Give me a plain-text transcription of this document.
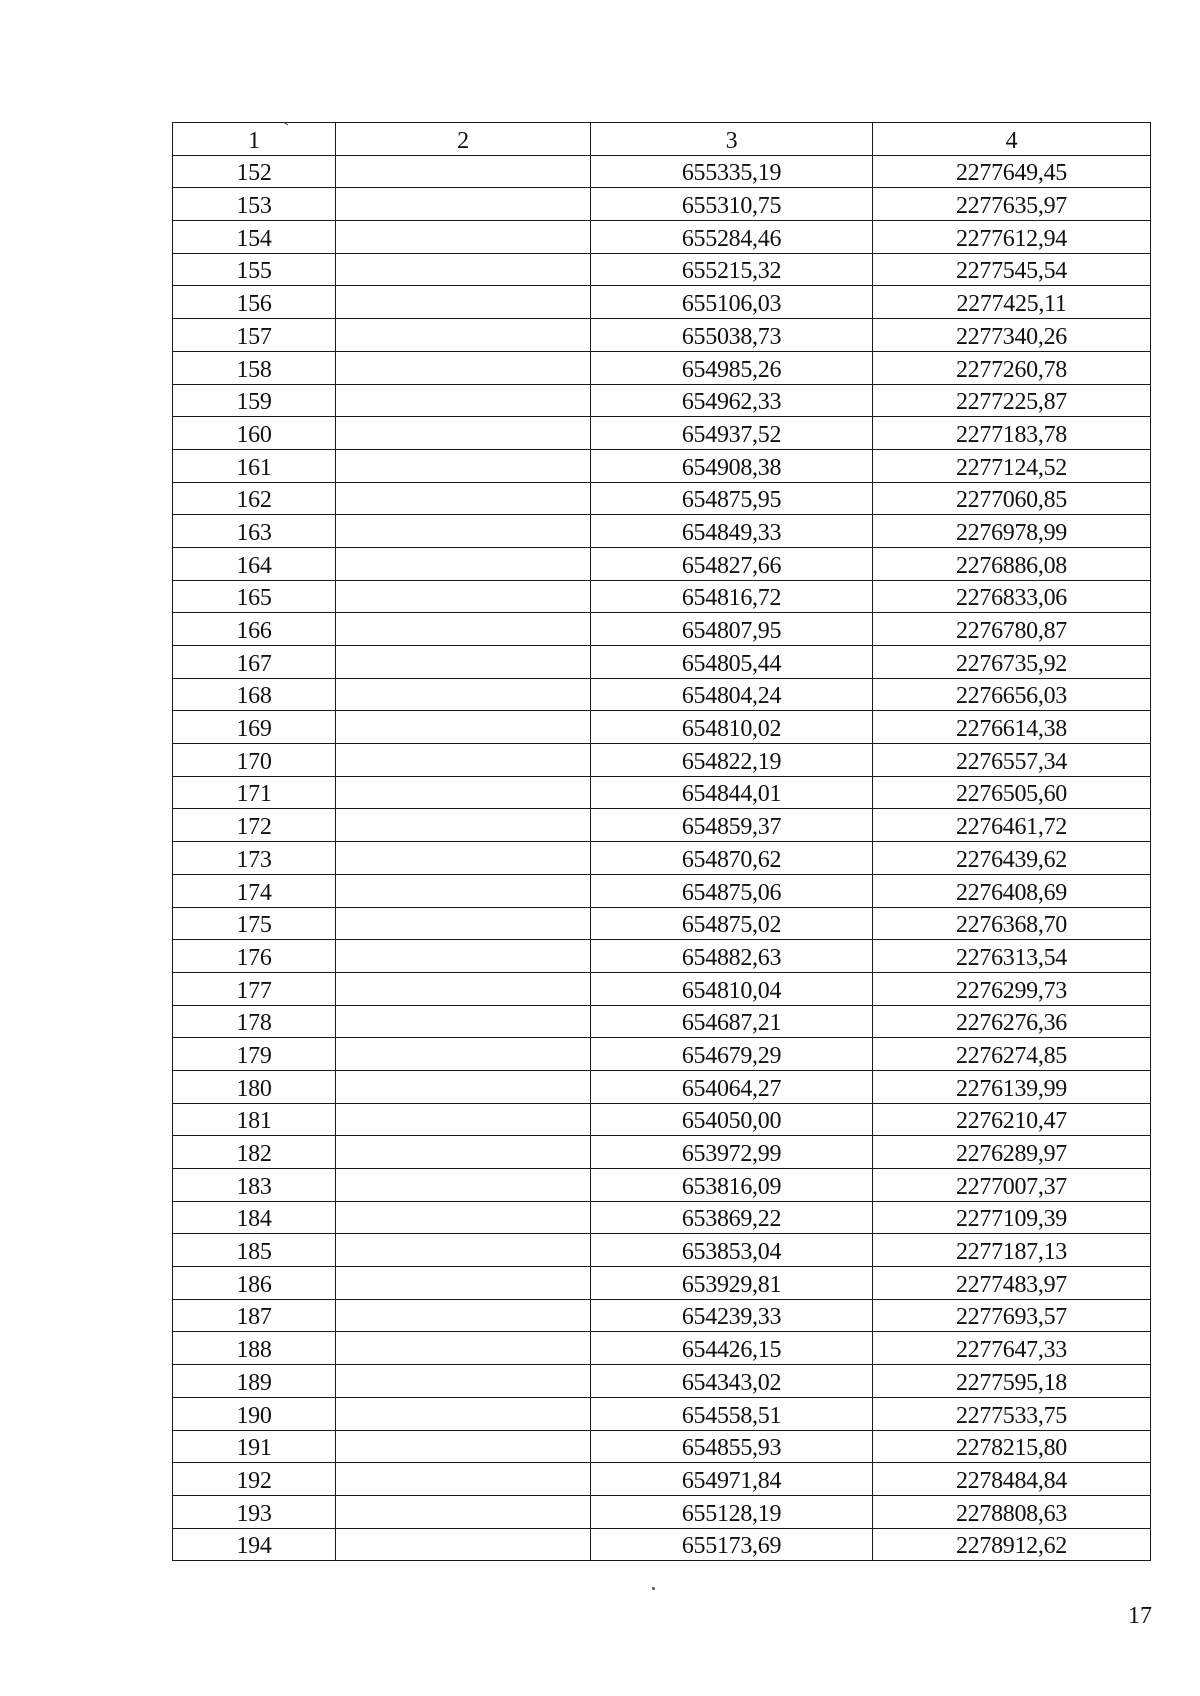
1	2	3	4
152		655335,19	2277649,45
153		655310,75	2277635,97
154		655284,46	2277612,94
155		655215,32	2277545,54
156		655106,03	2277425,11
157		655038,73	2277340,26
158		654985,26	2277260,78
159		654962,33	2277225,87
160		654937,52	2277183,78
161		654908,38	2277124,52
162		654875,95	2277060,85
163		654849,33	2276978,99
164		654827,66	2276886,08
165		654816,72	2276833,06
166		654807,95	2276780,87
167		654805,44	2276735,92
168		654804,24	2276656,03
169		654810,02	2276614,38
170		654822,19	2276557,34
171		654844,01	2276505,60
172		654859,37	2276461,72
173		654870,62	2276439,62
174		654875,06	2276408,69
175		654875,02	2276368,70
176		654882,63	2276313,54
177		654810,04	2276299,73
178		654687,21	2276276,36
179		654679,29	2276274,85
180		654064,27	2276139,99
181		654050,00	2276210,47
182		653972,99	2276289,97
183		653816,09	2277007,37
184		653869,22	2277109,39
185		653853,04	2277187,13
186		653929,81	2277483,97
187		654239,33	2277693,57
188		654426,15	2277647,33
189		654343,02	2277595,18
190		654558,51	2277533,75
191		654855,93	2278215,80
192		654971,84	2278484,84
193		655128,19	2278808,63
194		655173,69	2278912,62
17
